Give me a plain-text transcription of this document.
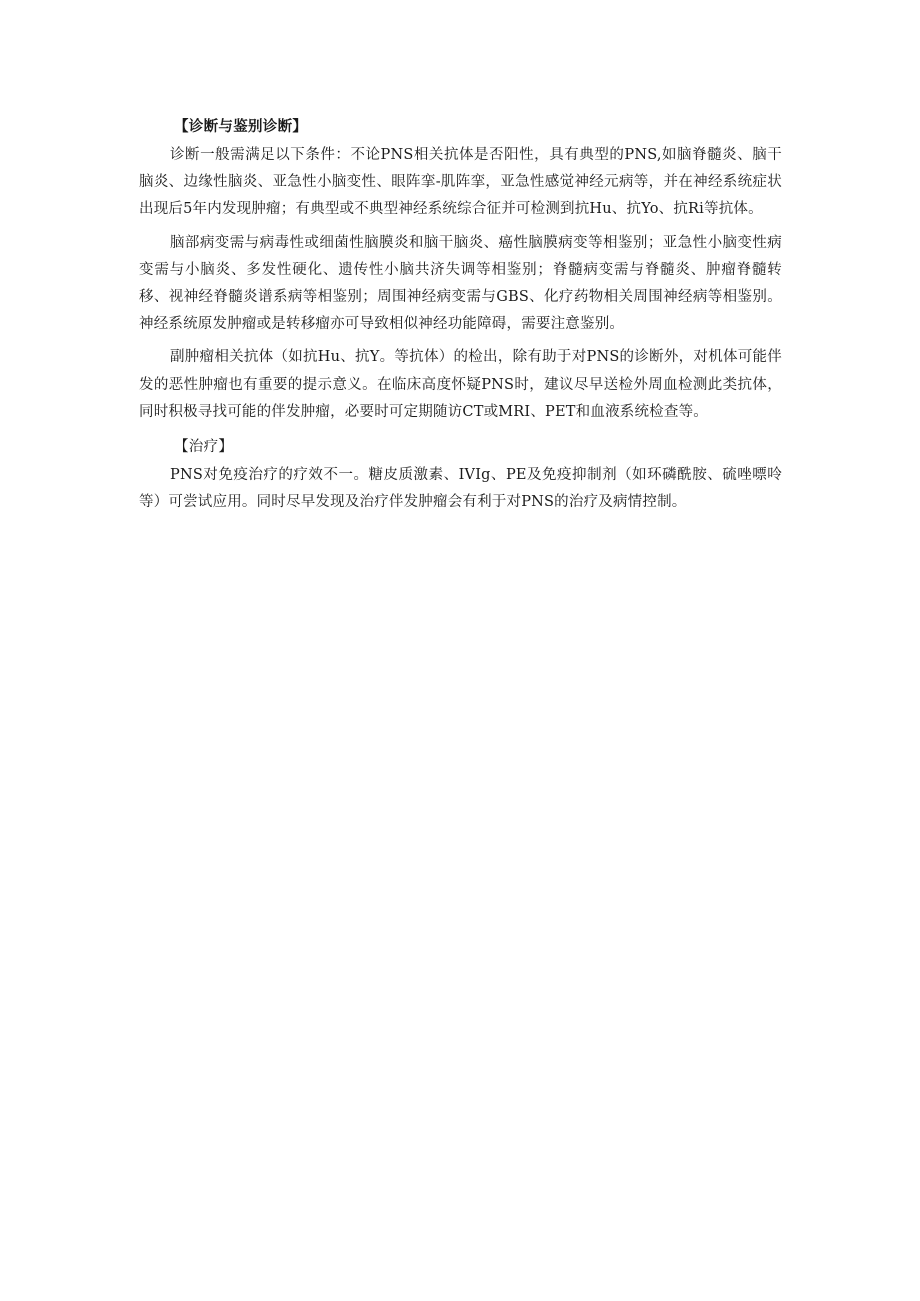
【诊断与鉴别诊断】

诊断一般需满足以下条件：不论PNS相关抗体是否阳性，具有典型的PNS,如脑脊髓炎、脑干脑炎、边缘性脑炎、亚急性小脑变性、眼阵挛-肌阵挛，亚急性感觉神经元病等，并在神经系统症状出现后5年内发现肿瘤；有典型或不典型神经系统综合征并可检测到抗Hu、抗Yo、抗Ri等抗体。

脑部病变需与病毒性或细菌性脑膜炎和脑干脑炎、癌性脑膜病变等相鉴别；亚急性小脑变性病变需与小脑炎、多发性硬化、遗传性小脑共济失调等相鉴别；脊髓病变需与脊髓炎、肿瘤脊髓转移、视神经脊髓炎谱系病等相鉴别；周围神经病变需与GBS、化疗药物相关周围神经病等相鉴别。神经系统原发肿瘤或是转移瘤亦可导致相似神经功能障碍，需要注意鉴别。

副肿瘤相关抗体（如抗Hu、抗Y。等抗体）的检出，除有助于对PNS的诊断外，对机体可能伴发的恶性肿瘤也有重要的提示意义。在临床高度怀疑PNS时，建议尽早送检外周血检测此类抗体，同时积极寻找可能的伴发肿瘤，必要时可定期随访CT或MRI、PET和血液系统检查等。

【治疗】

PNS对免疫治疗的疗效不一。糖皮质激素、IVIg、PE及免疫抑制剂（如环磷酰胺、硫唑嘌呤等）可尝试应用。同时尽早发现及治疗伴发肿瘤会有利于对PNS的治疗及病情控制。
